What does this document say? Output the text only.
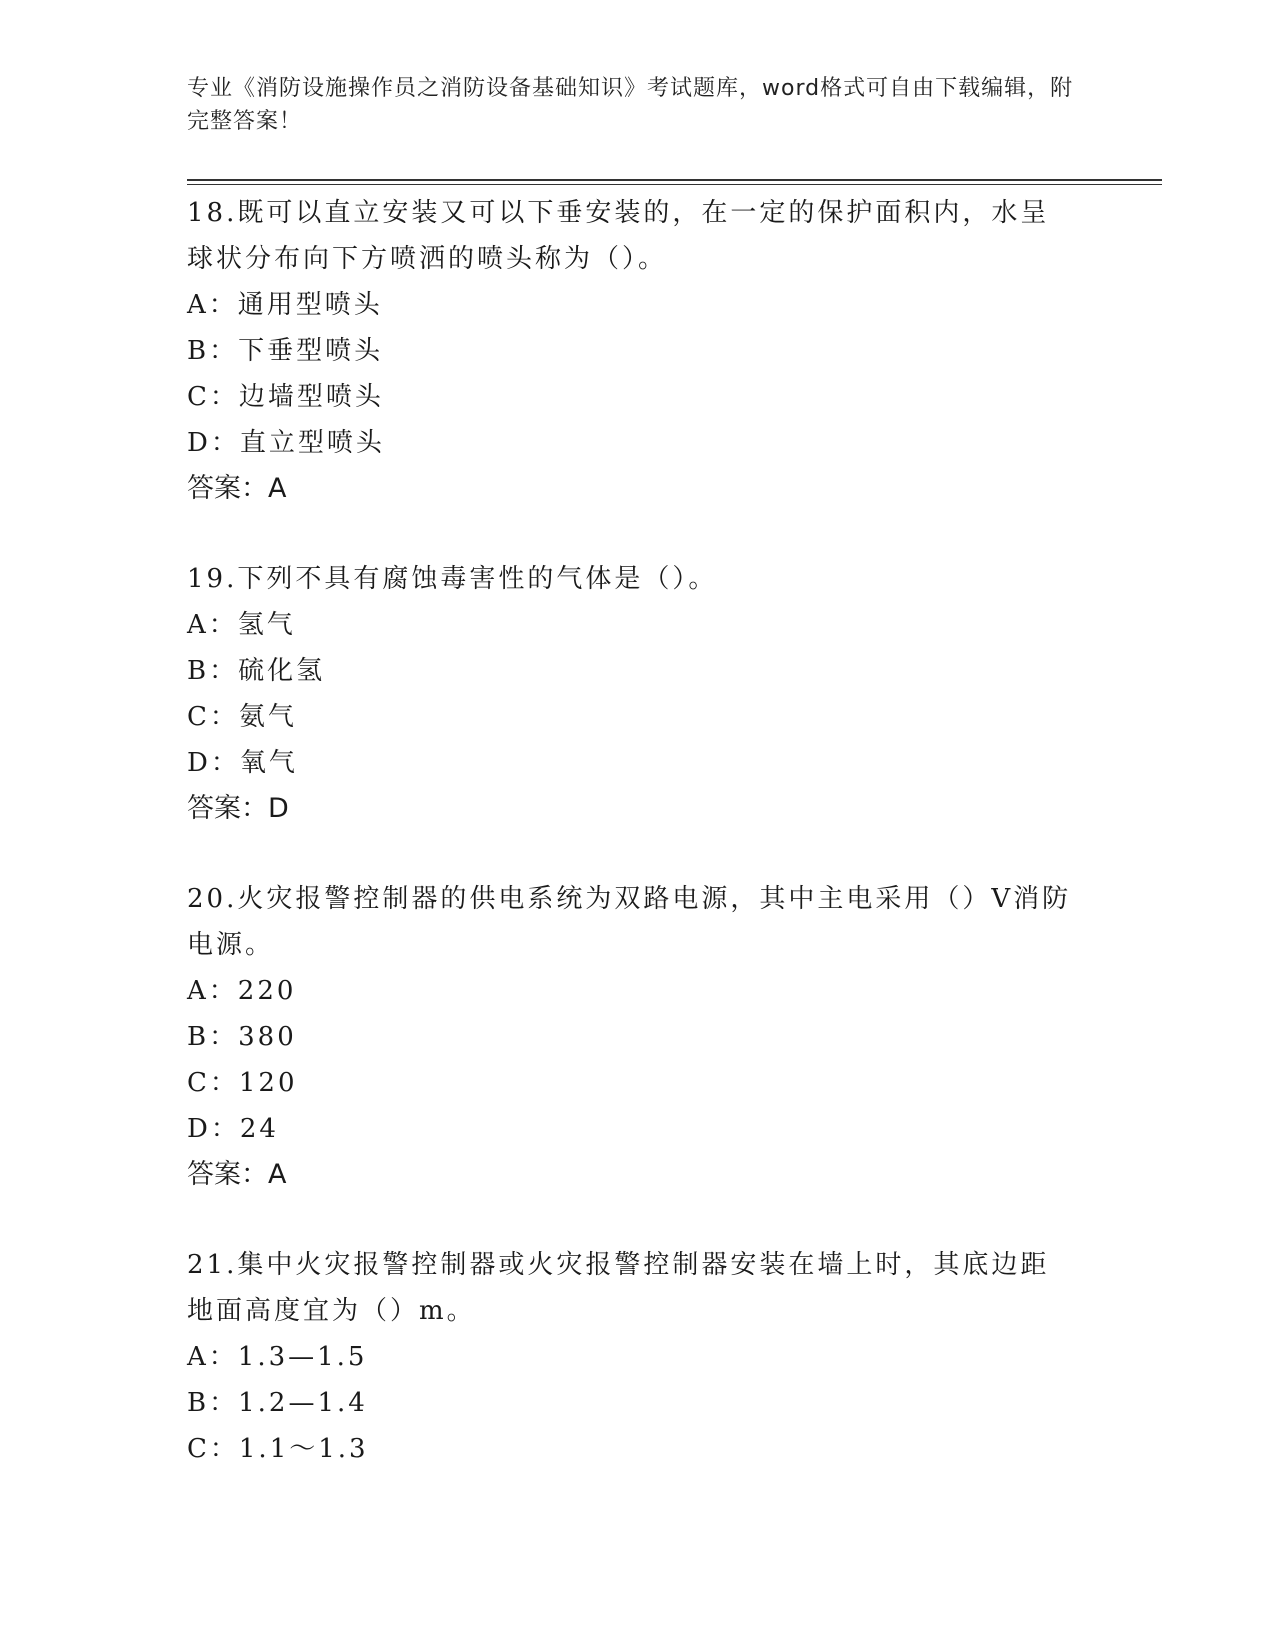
专业《消防设施操作员之消防设备基础知识》考试题库，word格式可自由下载编辑，附完整答案！

18.既可以直立安装又可以下垂安装的，在一定的保护面积内，水呈球状分布向下方喷洒的喷头称为（）。

A：通用型喷头

B：下垂型喷头

C：边墙型喷头

D：直立型喷头

答案：A

19.下列不具有腐蚀毒害性的气体是（）。

A：氢气

B：硫化氢

C：氨气

D：氧气

答案：D

20.火灾报警控制器的供电系统为双路电源，其中主电采用（）V消防电源。

A：220

B：380

C：120

D：24

答案：A

21.集中火灾报警控制器或火灾报警控制器安装在墙上时，其底边距地面高度宜为（）m。

A：1.3—1.5

B：1.2—1.4

C：1.1～1.3
